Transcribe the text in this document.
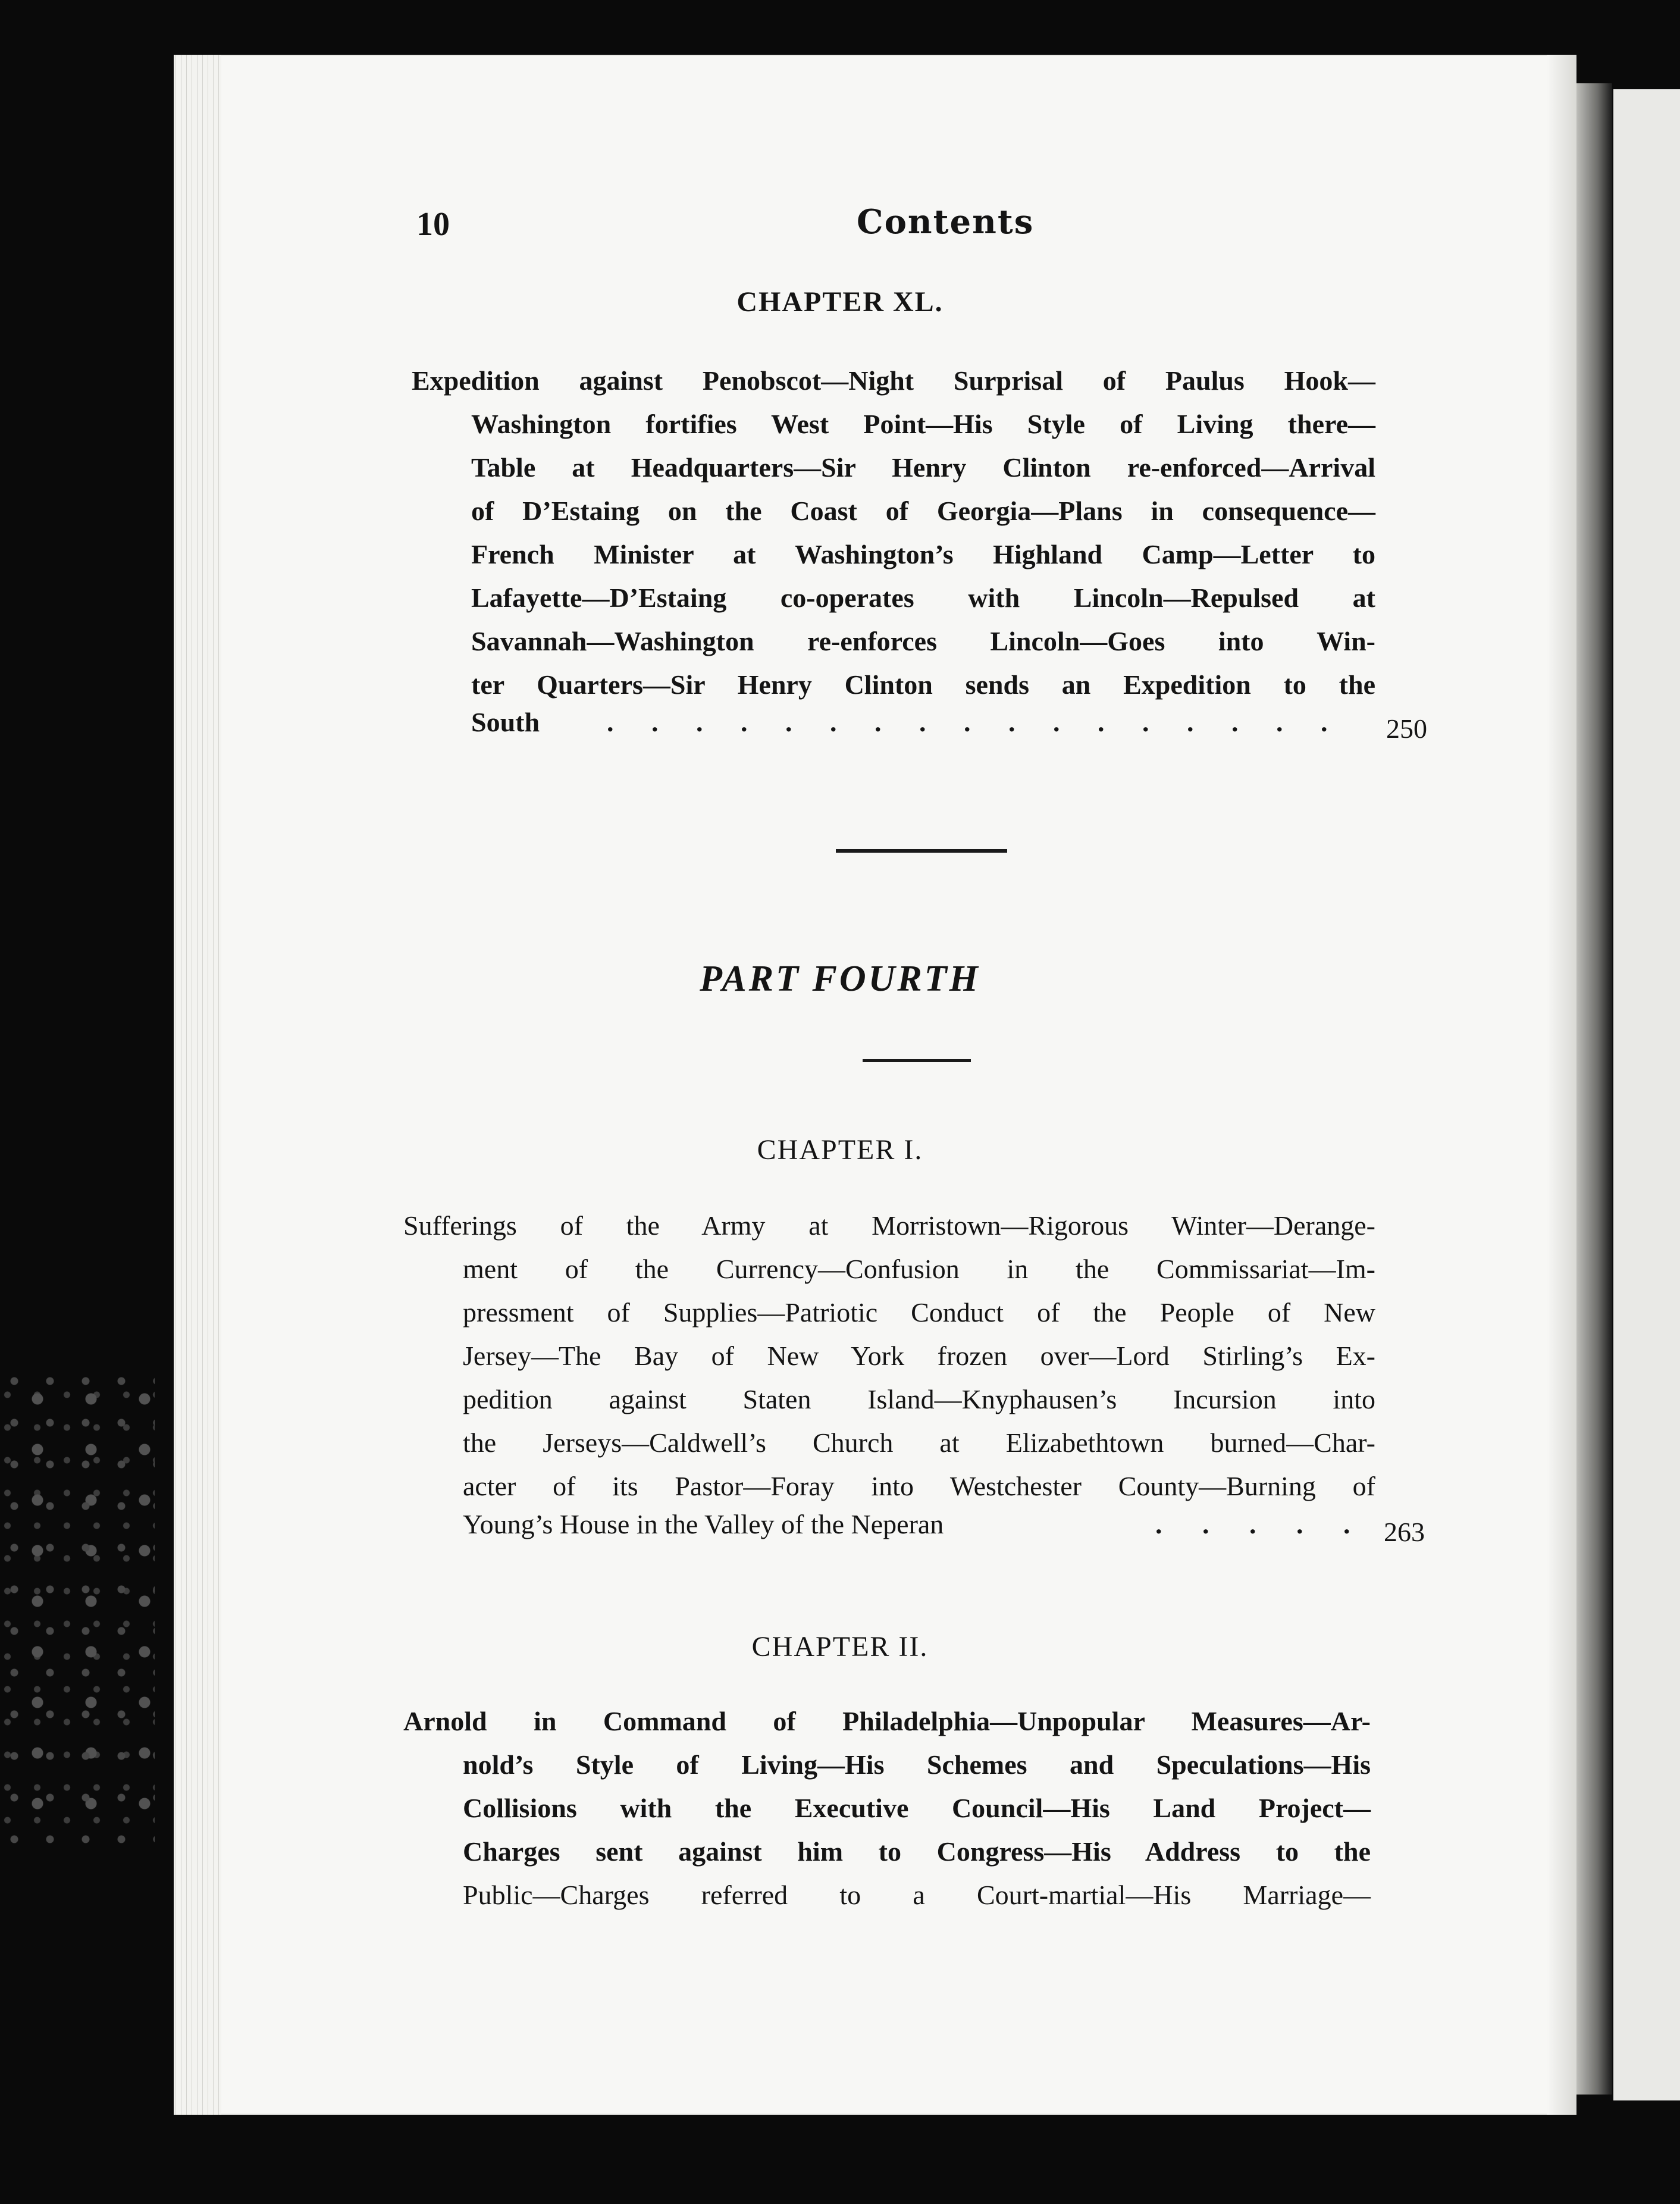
10	Contents
CHAPTER XL.
Expedition against Penobscot—Night Surprisal of Paulus Hook—
Washington fortifies West Point—His Style of Living there—
Table at Headquarters—Sir Henry Clinton re-enforced—Arrival
of D’Estaing on the Coast of Georgia—Plans in consequence—
French Minister at Washington’s Highland Camp—Letter to
Lafayette—D’Estaing co-operates with Lincoln—Repulsed at
Savannah—Washington re-enforces Lincoln—Goes into Win-
ter Quarters—Sir Henry Clinton sends an Expedition to the
South . . . . . . . . . . . . . . . . . 250
PART FOURTH
CHAPTER I.
Sufferings of the Army at Morristown—Rigorous Winter—Derange-
ment of the Currency—Confusion in the Commissariat—Im-
pressment of Supplies—Patriotic Conduct of the People of New
Jersey—The Bay of New York frozen over—Lord Stirling’s Ex-
pedition against Staten Island—Knyphausen’s Incursion into
the Jerseys—Caldwell’s Church at Elizabethtown burned—Char-
acter of its Pastor—Foray into Westchester County—Burning of
Young’s House in the Valley of the Neperan	. . . . . 263
CHAPTER II.
Arnold in Command of Philadelphia—Unpopular Measures—Ar-
nold’s Style of Living—His Schemes and Speculations—His
Collisions with the Executive Council—His Land Project—
Charges sent against him to Congress—His Address to the
Public—Charges referred to a Court-martial—His Marriage—
